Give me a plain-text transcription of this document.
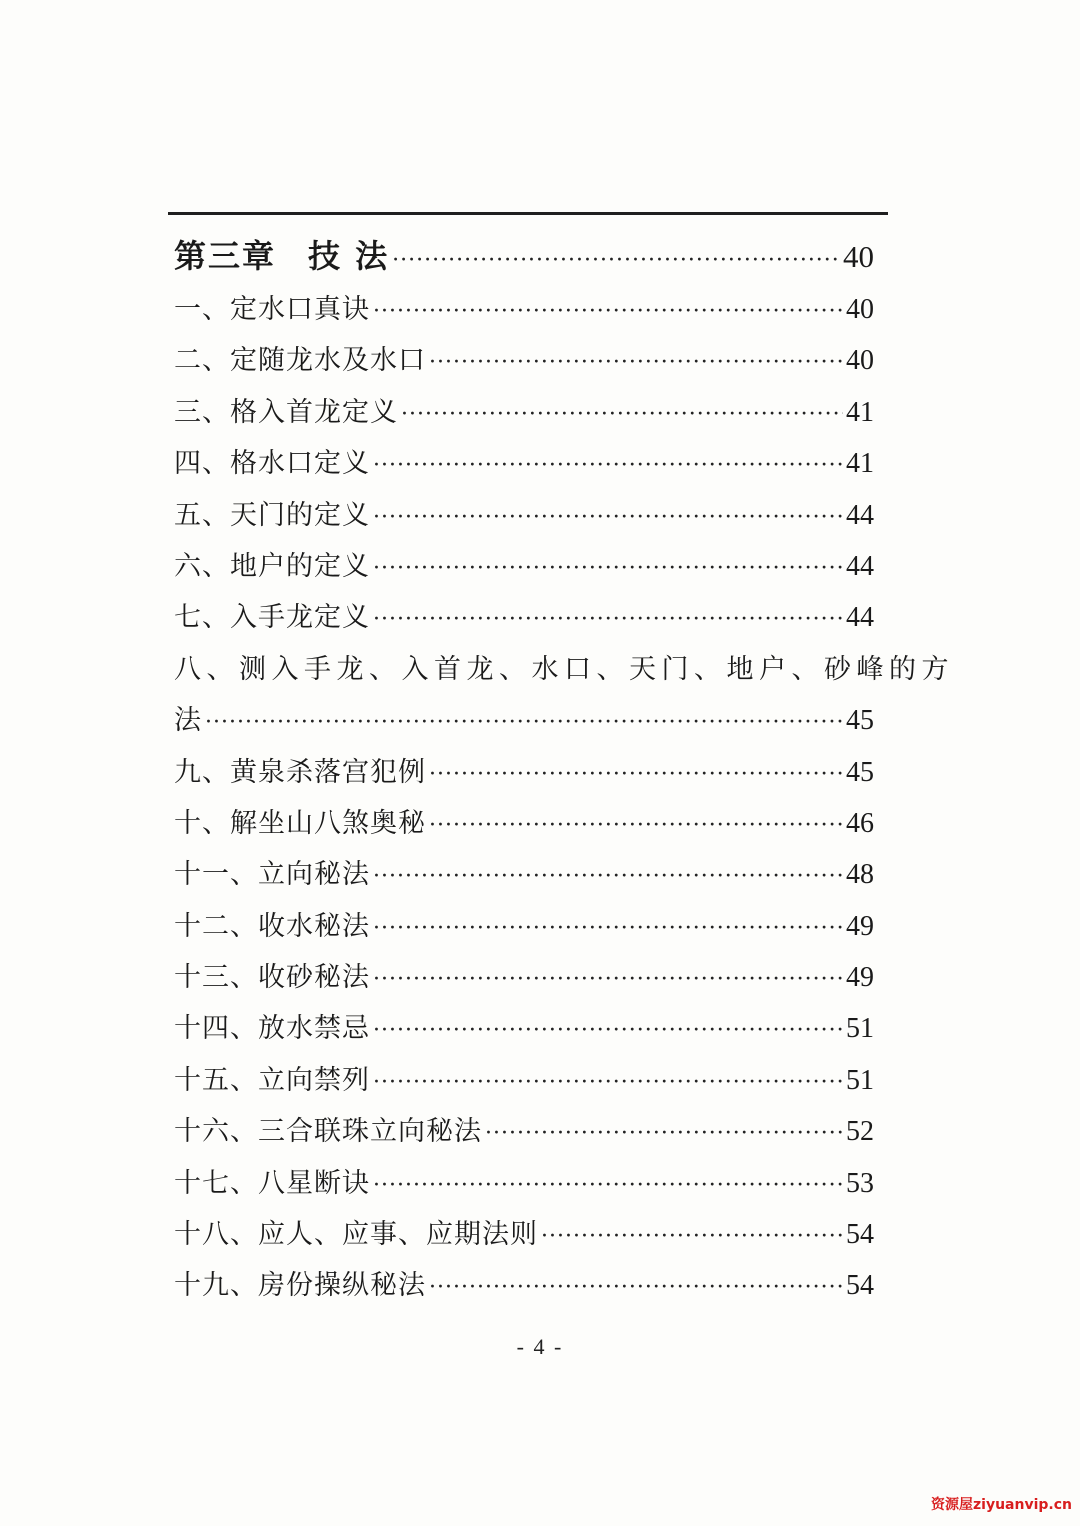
第三章 技 法 ·····	40
一、定水口真诀 ·····	40
二、定随龙水及水口 ·····	40
三、格入首龙定义 ·····	41
四、格水口定义 ·····	41
五、天门的定义 ·····	44
六、地户的定义 ·····	44
七、入手龙定义 ·····	44
八、测入手龙、入首龙、水口、天门、地户、砂峰的方
法 ·····	45
九、黄泉杀落宫犯例 ·····	45
十、解坐山八煞奥秘 ·····	46
十一、立向秘法 ·····	48
十二、收水秘法 ·····	49
十三、收砂秘法 ·····	49
十四、放水禁忌 ·····	51
十五、立向禁列 ·····	51
十六、三合联珠立向秘法 ·····	52
十七、八星断诀 ·····	53
十八、应人、应事、应期法则 ·····	54
十九、房份操纵秘法 ·····	54
- 4 -
资源屋ziyuanvip.cn
